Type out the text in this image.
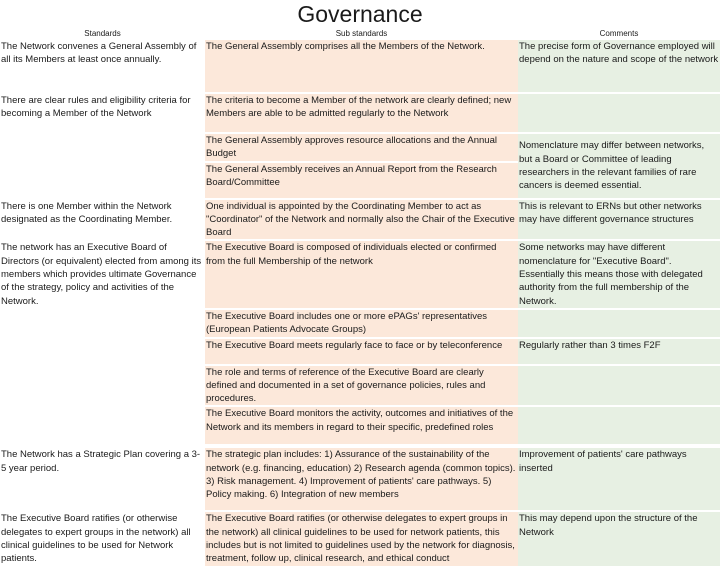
Governance
Standards	Sub standards	Comments
The Network convenes a General Assembly of all its Members at least once annually.	The General Assembly comprises all the Members of the Network.	The precise form of Governance employed will depend on the nature and scope of the network
There are clear rules and eligibility criteria for becoming a Member of the Network	The criteria to become a Member of the network are clearly defined; new Members are able to be admitted regularly to the Network	
	The General Assembly approves resource allocations and the Annual Budget	Nomenclature may differ between networks, but a Board or Committee of leading researchers in the relevant families of rare cancers is deemed essential.
	The General Assembly receives an Annual Report from the Research Board/Committee	
There is one Member within the Network designated as the Coordinating Member.	One individual is appointed by the Coordinating Member to act as "Coordinator" of the Network and normally also the Chair of the Executive Board	This is relevant to ERNs but other networks may have different governance structures
The network has an Executive Board of Directors (or equivalent) elected from among its members which provides ultimate Governance of the strategy, policy and activities of the Network.	The Executive Board is composed of individuals elected or confirmed from the full Membership of the network	Some networks may have different nomenclature for "Executive Board". Essentially this means those with delegated authority from the full membership of the Network.
	The Executive Board includes one or more ePAGs' representatives (European Patients Advocate Groups)	
	The Executive Board meets regularly face to face or by teleconference	Regularly rather than 3 times F2F
	The role and terms of reference of the Executive Board are clearly defined and documented in a set of governance policies, rules and procedures.	
	The Executive Board monitors the activity, outcomes and initiatives of the Network and its members in regard to their specific, predefined roles	

The Network has a Strategic Plan covering a 3-5 year period.	The strategic plan includes: 1) Assurance of the sustainability of the network (e.g. financing, education) 2) Research agenda (common topics). 3) Risk management. 4) Improvement of patients' care pathways. 5) Policy making. 6) Integration of new members	Improvement of patients' care pathways inserted
The Executive Board ratifies (or otherwise delegates to expert groups in the network) all clinical guidelines to be used for Network patients.	The Executive Board ratifies (or otherwise delegates to expert groups in the network) all clinical guidelines to be used for network patients, this includes but is not limited to guidelines used by the network for diagnosis, treatment, follow up, clinical research, and ethical conduct	This may depend upon the structure of the Network
